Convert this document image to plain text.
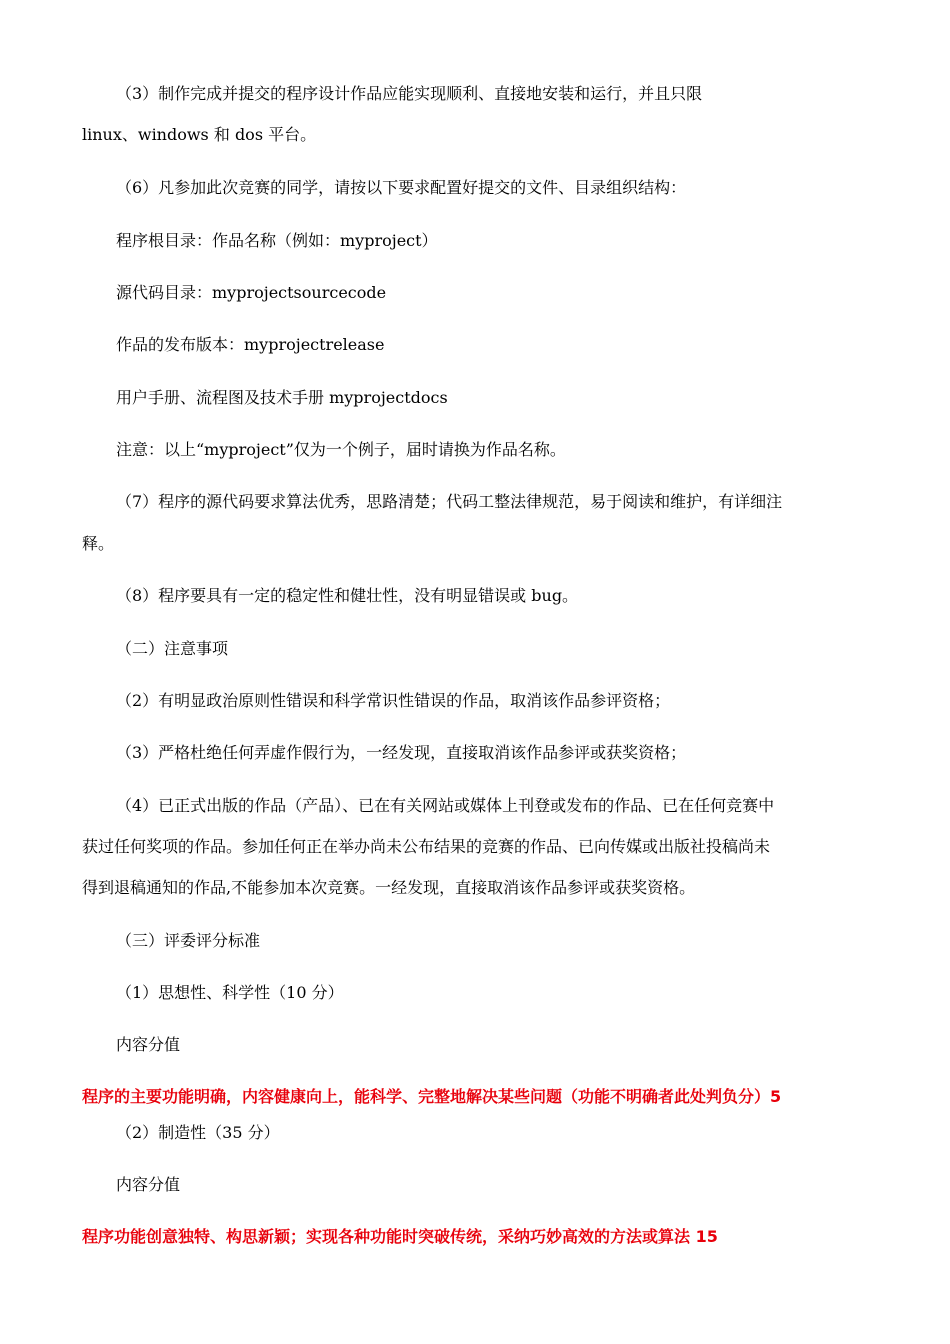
（3）制作完成并提交的程序设计作品应能实现顺利、直接地安装和运行，并且只限

linux、windows 和 dos 平台。

（6）凡参加此次竞赛的同学，请按以下要求配置好提交的文件、目录组织结构：

程序根目录：作品名称（例如：myproject）

源代码目录：myprojectsourcecode

作品的发布版本：myprojectrelease

用户手册、流程图及技术手册 myprojectdocs

注意：以上“myproject”仅为一个例子，届时请换为作品名称。

（7）程序的源代码要求算法优秀，思路清楚；代码工整法律规范，易于阅读和维护，有详细注

释。

（8）程序要具有一定的稳定性和健壮性，没有明显错误或 bug。

（二）注意事项

（2）有明显政治原则性错误和科学常识性错误的作品，取消该作品参评资格；

（3）严格杜绝任何弄虚作假行为，一经发现，直接取消该作品参评或获奖资格；

（4）已正式出版的作品（产品）、已在有关网站或媒体上刊登或发布的作品、已在任何竞赛中

获过任何奖项的作品。参加任何正在举办尚未公布结果的竞赛的作品、已向传媒或出版社投稿尚未

得到退稿通知的作品,不能参加本次竞赛。一经发现，直接取消该作品参评或获奖资格。

（三）评委评分标准

（1）思想性、科学性（10 分）

内容分值

程序的主要功能明确，内容健康向上，能科学、完整地解决某些问题（功能不明确者此处判负分）5

（2）制造性（35 分）

内容分值

程序功能创意独特、构思新颖；实现各种功能时突破传统，采纳巧妙高效的方法或算法 15
